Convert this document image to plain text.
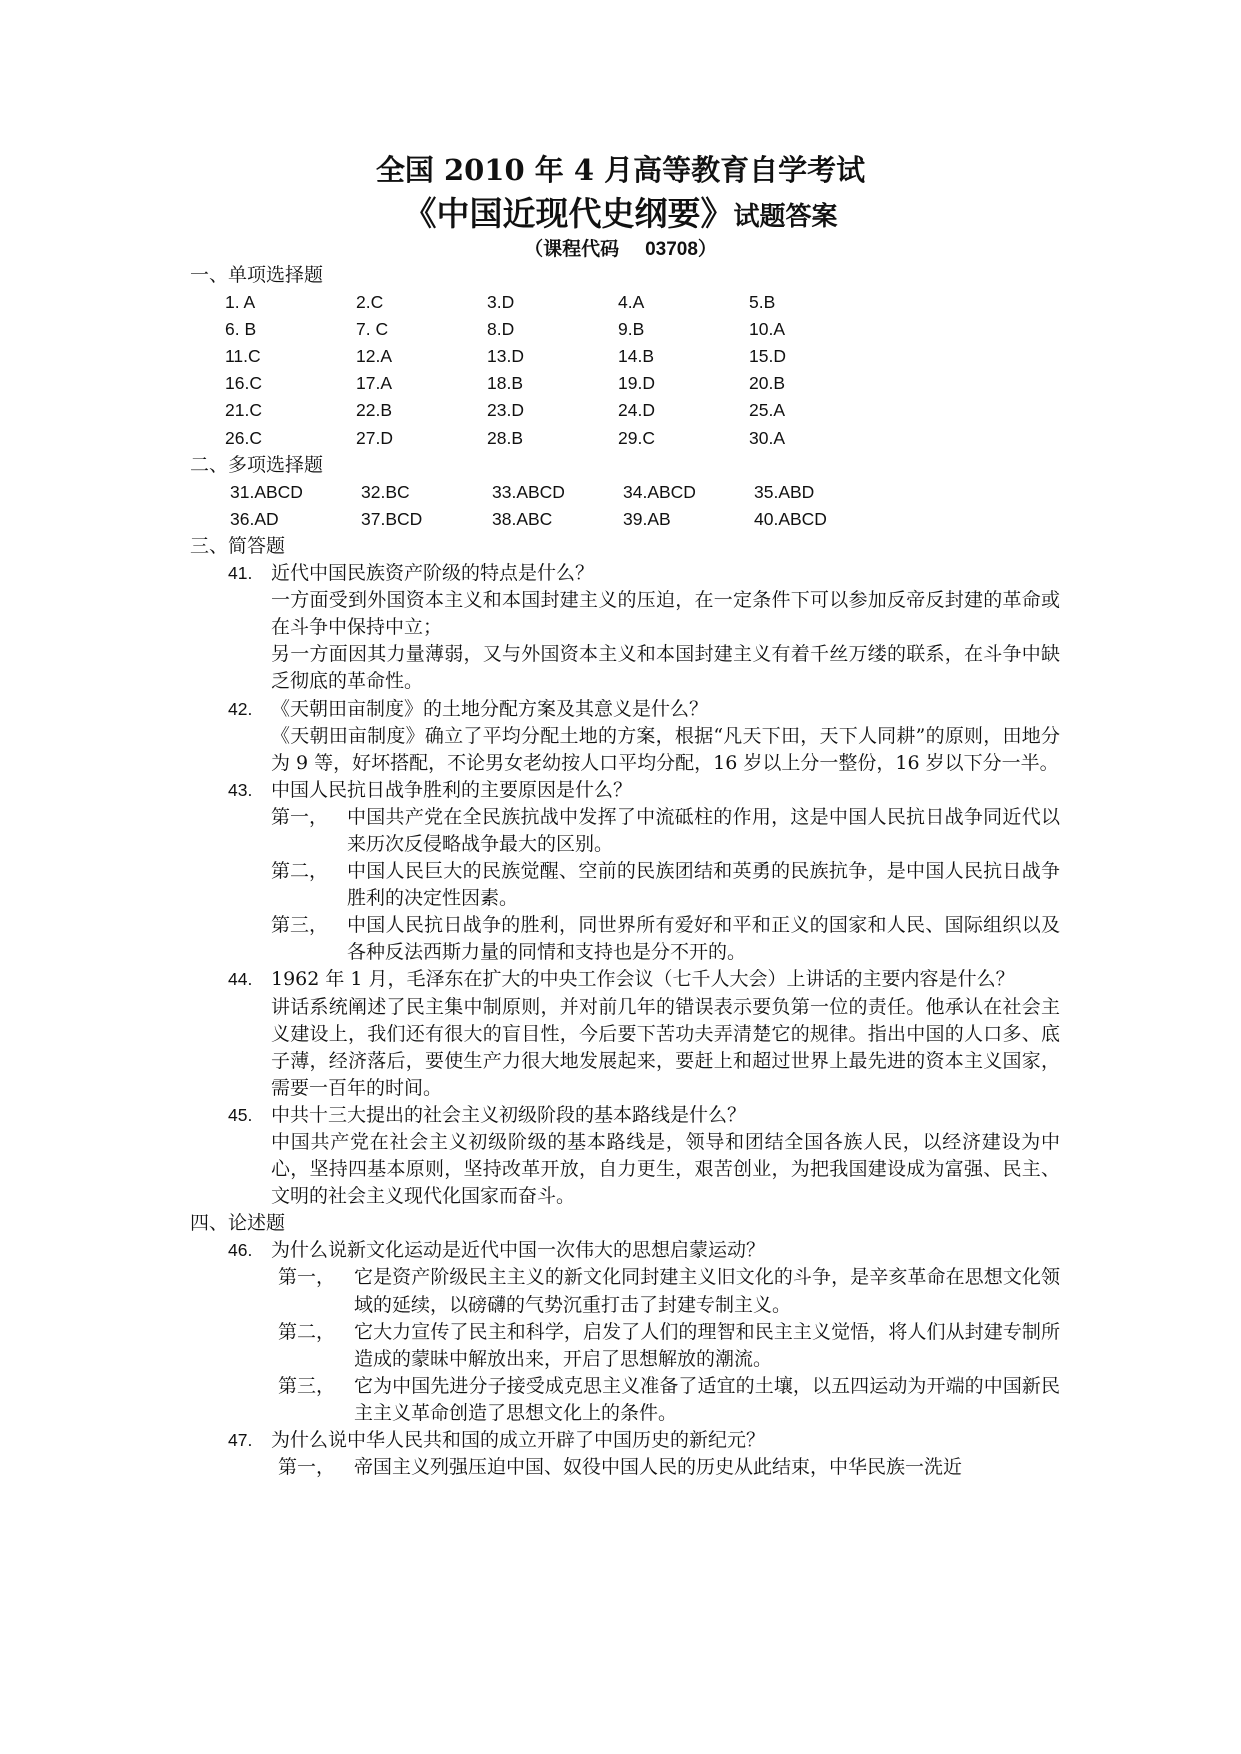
全国 2010 年 4 月高等教育自学考试
《中国近现代史纲要》试题答案
（课程代码 03708）
一、单项选择题
1. A	2.C	3.D	4.A	5.B
6. B	7. C	8.D	9.B	10.A
11.C	12.A	13.D	14.B	15.D
16.C	17.A	18.B	19.D	20.B
21.C	22.B	23.D	24.D	25.A
26.C	27.D	28.B	29.C	30.A
二、多项选择题
31.ABCD	32.BC	33.ABCD	34.ABCD	35.ABD
36.AD	37.BCD	38.ABC	39.AB	40.ABCD
三、简答题
41. 近代中国民族资产阶级的特点是什么？
一方面受到外国资本主义和本国封建主义的压迫，在一定条件下可以参加反帝反封建的革命或在斗争中保持中立；
另一方面因其力量薄弱，又与外国资本主义和本国封建主义有着千丝万缕的联系，在斗争中缺乏彻底的革命性。
42. 《天朝田亩制度》的土地分配方案及其意义是什么？
《天朝田亩制度》确立了平均分配土地的方案，根据“凡天下田，天下人同耕”的原则，田地分为 9 等，好坏搭配，不论男女老幼按人口平均分配，16 岁以上分一整份，16 岁以下分一半。
43. 中国人民抗日战争胜利的主要原因是什么？
第一， 中国共产党在全民族抗战中发挥了中流砥柱的作用，这是中国人民抗日战争同近代以来历次反侵略战争最大的区别。
第二， 中国人民巨大的民族觉醒、空前的民族团结和英勇的民族抗争，是中国人民抗日战争胜利的决定性因素。
第三， 中国人民抗日战争的胜利，同世界所有爱好和平和正义的国家和人民、国际组织以及各种反法西斯力量的同情和支持也是分不开的。
44. 1962 年 1 月，毛泽东在扩大的中央工作会议（七千人大会）上讲话的主要内容是什么？
讲话系统阐述了民主集中制原则，并对前几年的错误表示要负第一位的责任。他承认在社会主义建设上，我们还有很大的盲目性，今后要下苦功夫弄清楚它的规律。指出中国的人口多、底子薄，经济落后，要使生产力很大地发展起来，要赶上和超过世界上最先进的资本主义国家，需要一百年的时间。
45. 中共十三大提出的社会主义初级阶段的基本路线是什么？
中国共产党在社会主义初级阶级的基本路线是，领导和团结全国各族人民，以经济建设为中心，坚持四基本原则，坚持改革开放，自力更生，艰苦创业，为把我国建设成为富强、民主、文明的社会主义现代化国家而奋斗。
四、论述题
46. 为什么说新文化运动是近代中国一次伟大的思想启蒙运动？
第一， 它是资产阶级民主主义的新文化同封建主义旧文化的斗争，是辛亥革命在思想文化领域的延续，以磅礴的气势沉重打击了封建专制主义。
第二， 它大力宣传了民主和科学，启发了人们的理智和民主主义觉悟，将人们从封建专制所造成的蒙昧中解放出来，开启了思想解放的潮流。
第三， 它为中国先进分子接受成克思主义准备了适宜的土壤，以五四运动为开端的中国新民主主义革命创造了思想文化上的条件。
47. 为什么说中华人民共和国的成立开辟了中国历史的新纪元？
第一， 帝国主义列强压迫中国、奴役中国人民的历史从此结束，中华民族一洗近
